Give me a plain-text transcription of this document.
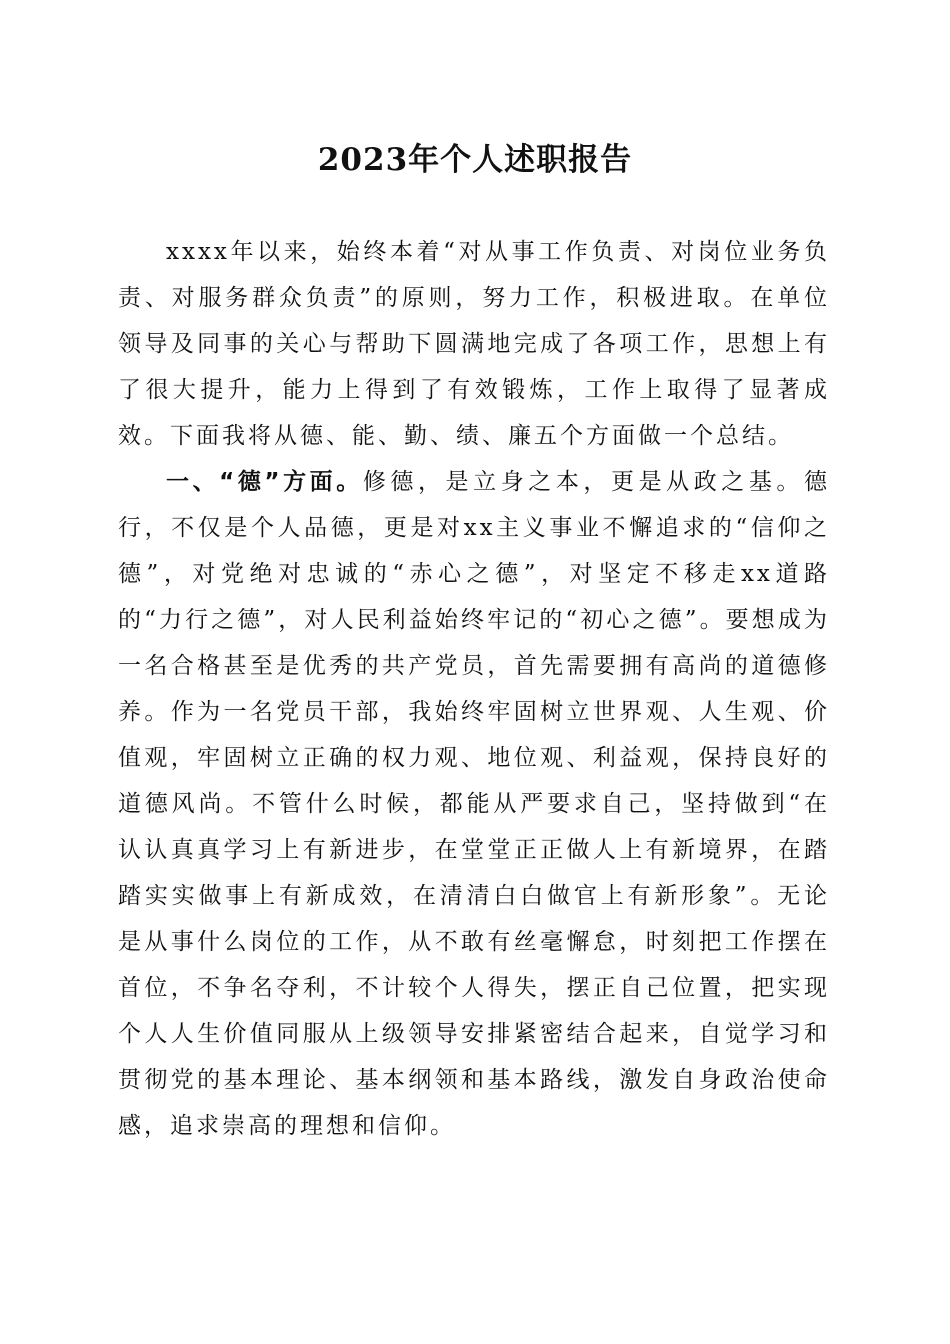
2023年个人述职报告

xxxx年以来，始终本着“对从事工作负责、对岗位业务负责、对服务群众负责”的原则，努力工作，积极进取。在单位领导及同事的关心与帮助下圆满地完成了各项工作，思想上有了很大提升，能力上得到了有效锻炼，工作上取得了显著成效。下面我将从德、能、勤、绩、廉五个方面做一个总结。

一、“德”方面。修德，是立身之本，更是从政之基。德行，不仅是个人品德，更是对xx主义事业不懈追求的“信仰之德”，对党绝对忠诚的“赤心之德”，对坚定不移走xx道路的“力行之德”，对人民利益始终牢记的“初心之德”。要想成为一名合格甚至是优秀的共产党员，首先需要拥有高尚的道德修养。作为一名党员干部，我始终牢固树立世界观、人生观、价值观，牢固树立正确的权力观、地位观、利益观，保持良好的道德风尚。不管什么时候，都能从严要求自己，坚持做到“在认认真真学习上有新进步，在堂堂正正做人上有新境界，在踏踏实实做事上有新成效，在清清白白做官上有新形象”。无论是从事什么岗位的工作，从不敢有丝毫懈怠，时刻把工作摆在首位，不争名夺利，不计较个人得失，摆正自己位置，把实现个人人生价值同服从上级领导安排紧密结合起来，自觉学习和贯彻党的基本理论、基本纲领和基本路线，激发自身政治使命感，追求崇高的理想和信仰。
